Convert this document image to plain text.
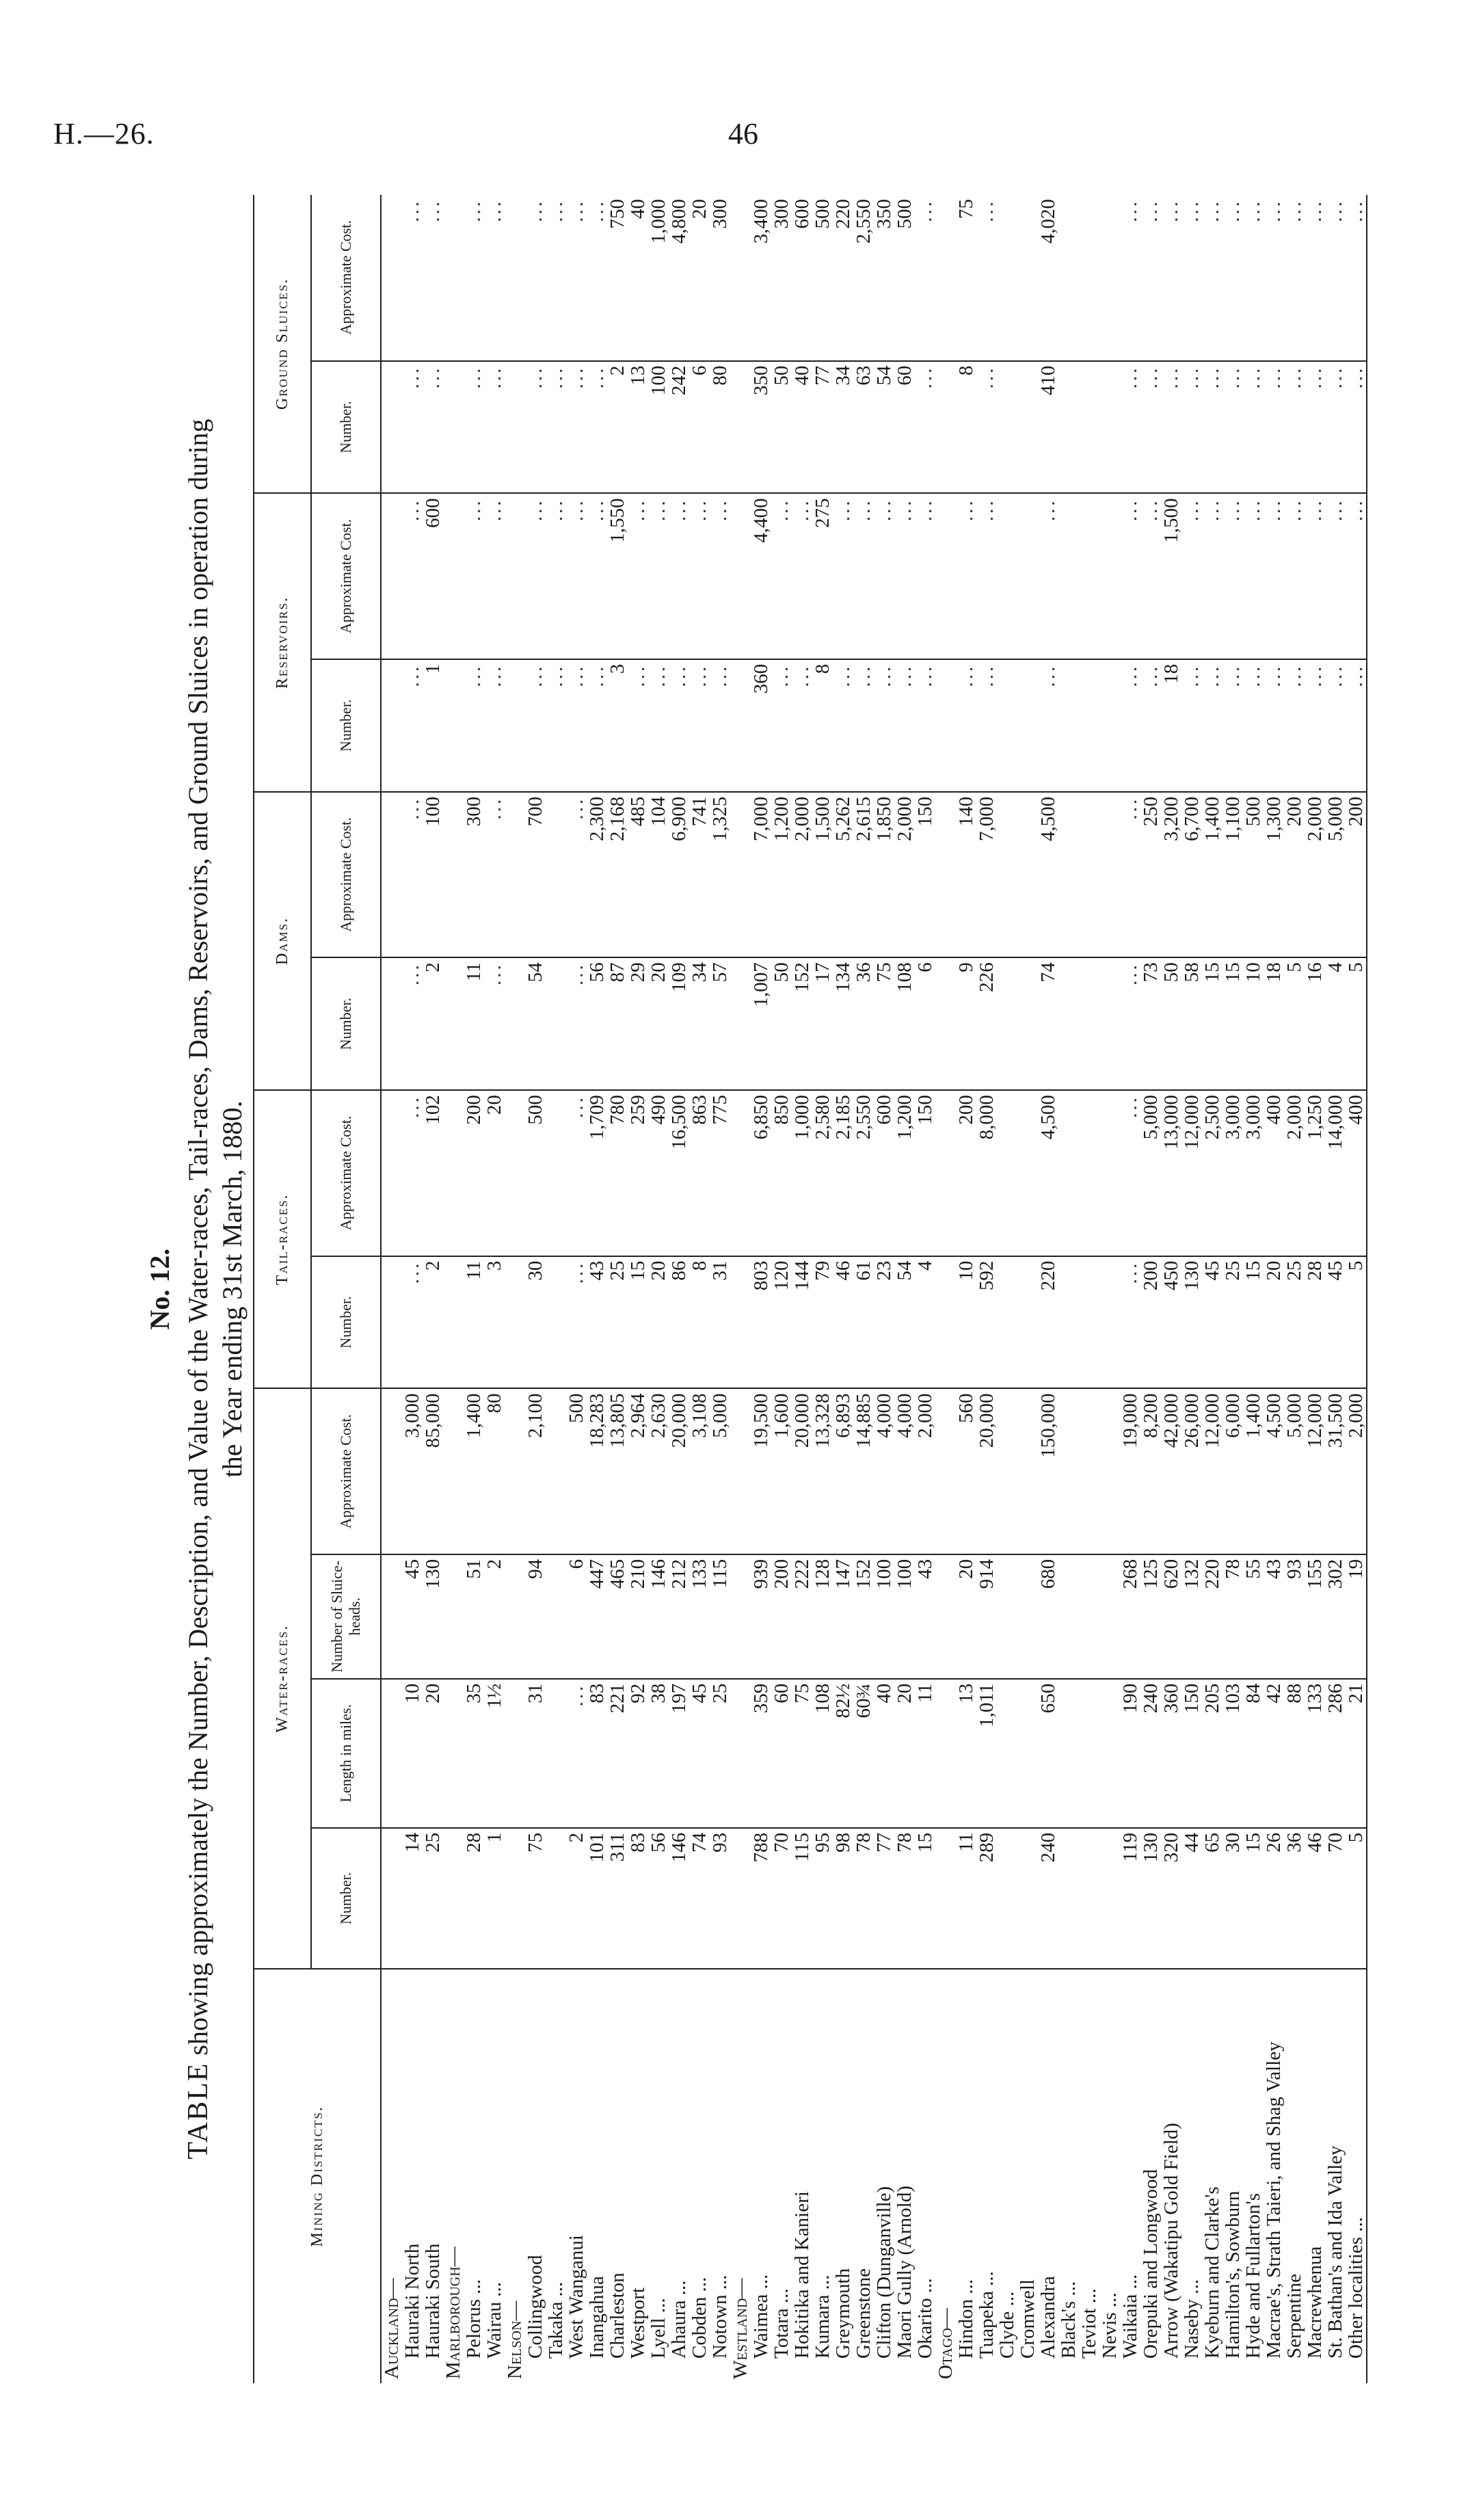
H.—26.	46
No. 12.
TABLE showing approximately the Number, Description, and Value of the Water-races, Tail-races, Dams, Reservoirs, and Ground Sluices in operation during the Year ending 31st March, 1880.
Mining Districts.	Water-races.				Tail-races.		Dams.		Reservoirs.		Ground Sluices.	
	Number.	Length in miles.	Number of Sluice-heads.	Approximate Cost.	Number.	Approximate Cost.	Number.	Approximate Cost.	Number.	Approximate Cost.	Number.	Approximate Cost.
Auckland—												
Hauraki North	14	10	45	3,000	...	...	...	...	...	...	...	...
Hauraki South	25	20	130	85,000	2	102	2	100	1	600	...	...
Marlborough—												
Pelorus ...	28	35	51	1,400	11	200	11	300	...	...	...	...
Wairau ...	1	1½	2	80	3	20	...	...	...	...	...	...
Nelson—												
Collingwood	75	31	94	2,100	30	500	54	700	...	...	...	...
Takaka ...									...	...	...	...
West Wanganui	2	...	6	500	...	...	...	...	...	...	...	...
Inangahua	101	83	447	18,283	43	1,709	56	2,300	...	...	...	...
Charleston	311	221	465	13,805	25	780	87	2,168	3	1,550	2	750
Westport	83	92	210	2,964	15	259	29	485	...	...	13	40
Lyell ...	56	38	146	2,630	20	490	20	104	...	...	100	1,000
Ahaura ...	146	197	212	20,000	86	16,500	109	6,900	...	...	242	4,800
Cobden ...	74	45	133	3,108	8	863	34	741	...	...	6	20
Notown ...	93	25	115	5,000	31	775	57	1,325	...	...	80	300
Westland—												
Waimea ...	788	359	939	19,500	803	6,850	1,007	7,000	360	4,400	350	3,400
Totara ...	70	60	200	1,600	120	850	50	1,200	...	...	50	300
Hokitika and Kanieri	115	75	222	20,000	144	1,000	152	2,000	...	...	40	600
Kumara ...	95	108	128	13,328	79	2,580	17	1,500	8	275	77	500
Greymouth	98	82½	147	6,893	46	2,185	134	5,262	...	...	34	220
Greenstone	78	60¾	152	14,885	61	2,550	36	2,615	...	...	63	2,550
Clifton (Dunganville)	77	40	100	4,000	23	600	75	1,850	...	...	54	350
Maori Gully (Arnold)	78	20	100	4,000	54	1,200	108	2,000	...	...	60	500
Okarito ...	15	11	43	2,000	4	150	6	150	...	...	...	...
Otago—												
Hindon ...	11	13	20	560	10	200	9	140	...	...	8	75
Tuapeka ...	289	1,011	914	20,000	592	8,000	226	7,000	...	...	...	...
Clyde ...												
Cromwell												
Alexandra	240	650	680	150,000	220	4,500	74	4,500	...	...	410	4,020
Black's ...												
Teviot ...												
Nevis ...												
Waikaia ...	119	190	268	19,000	...	...	...	...	...	...	...	...
Orepuki and Longwood	130	240	125	8,200	200	5,000	73	250	...	...	...	...
Arrow (Wakatipu Gold Field)	320	360	620	42,000	450	13,000	50	3,200	18	1,500	...	...
Naseby ...	44	150	132	26,000	130	12,000	58	6,700	...	...	...	...
Kyeburn and Clarke's	65	205	220	12,000	45	2,500	15	1,400	...	...	...	...
Hamilton's, Sowburn	30	103	78	6,000	25	3,000	15	1,100	...	...	...	...
Hyde and Fullarton's	15	84	55	1,400	15	3,000	10	500	...	...	...	...
Macrae's, Strath Taieri, and Shag Valley	26	42	43	4,500	20	400	18	1,300	...	...	...	...
Serpentine	36	88	93	5,000	25	2,000	5	200	...	...	...	...
Macrewhenua	46	133	155	12,000	28	1,250	16	2,000	...	...	...	...
St. Bathan's and Ida Valley	70	286	302	31,500	45	14,000	4	5,000	...	...	...	...
Other localities ...	5	21	19	2,000	5	400	5	200	...	...	...	...
